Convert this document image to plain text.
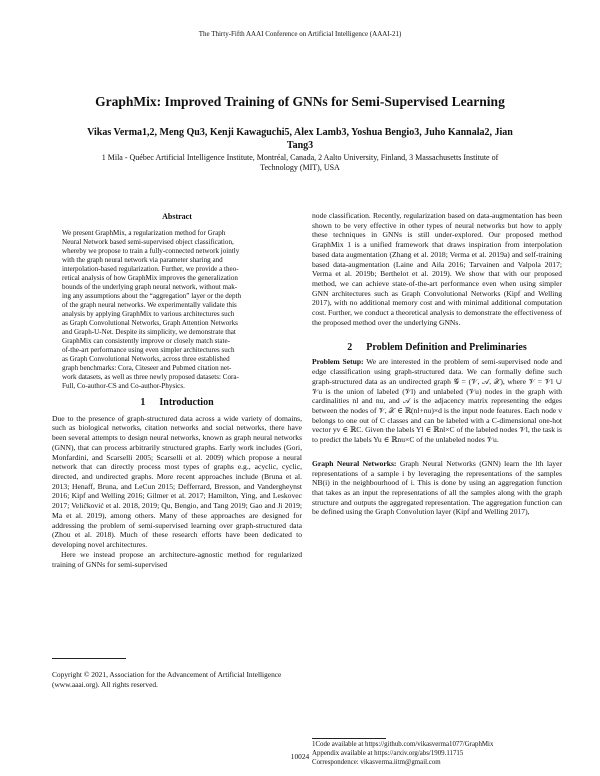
The Thirty-Fifth AAAI Conference on Artificial Intelligence (AAAI-21)
GraphMix: Improved Training of GNNs for Semi-Supervised Learning
Vikas Verma1,2, Meng Qu3, Kenji Kawaguchi5, Alex Lamb3, Yoshua Bengio3, Juho Kannala2, Jian
Tang3
1 Mila - Québec Artificial Intelligence Institute, Montréal, Canada, 2 Aalto University, Finland, 3 Massachusetts Institute of
Technology (MIT), USA
Abstract
We present GraphMix, a regularization method for Graph
Neural Network based semi-supervised object classification,
whereby we propose to train a fully-connected network jointly
with the graph neural network via parameter sharing and
interpolation-based regularization. Further, we provide a theo-
retical analysis of how GraphMix improves the generalization
bounds of the underlying graph neural network, without mak-
ing any assumptions about the “aggregation” layer or the depth
of the graph neural networks. We experimentally validate this
analysis by applying GraphMix to various architectures such
as Graph Convolutional Networks, Graph Attention Networks
and Graph-U-Net. Despite its simplicity, we demonstrate that
GraphMix can consistently improve or closely match state-
of-the-art performance using even simpler architectures such
as Graph Convolutional Networks, across three established
graph benchmarks: Cora, Citeseer and Pubmed citation net-
work datasets, as well as three newly proposed datasets: Cora-
Full, Co-author-CS and Co-author-Physics.
1 Introduction

Due to the presence of graph-structured data across a wide variety of domains, such as biological networks, citation networks and social networks, there have been several attempts to design neural networks, known as graph neural networks (GNN), that can process arbitrarily structured graphs. Early work includes (Gori, Monfardini, and Scarselli 2005; Scarselli et al. 2009) which propose a neural network that can directly process most types of graphs e.g., acyclic, cyclic, directed, and undirected graphs. More recent approaches include (Bruna et al. 2013; Henaff, Bruna, and LeCun 2015; Defferrard, Bresson, and Vandergheynst 2016; Kipf and Welling 2016; Gilmer et al. 2017; Hamilton, Ying, and Leskovec 2017; Veličković et al. 2018, 2019; Qu, Bengio, and Tang 2019; Gao and Ji 2019; Ma et al. 2019), among others. Many of these approaches are designed for addressing the problem of semi-supervised learning over graph-structured data (Zhou et al. 2018). Much of these research efforts have been dedicated to developing novel architectures.

Here we instead propose an architecture-agnostic method for regularized training of GNNs for semi-supervised

Copyright © 2021, Association for the Advancement of Artificial Intelligence (www.aaai.org). All rights reserved.

node classification. Recently, regularization based on data-augmentation has been shown to be very effective in other types of neural networks but how to apply these techniques in GNNs is still under-explored. Our proposed method GraphMix 1 is a unified framework that draws inspiration from interpolation based data augmentation (Zhang et al. 2018; Verma et al. 2019a) and self-training based data-augmentation (Laine and Aila 2016; Tarvainen and Valpola 2017; Verma et al. 2019b; Berthelot et al. 2019). We show that with our proposed method, we can achieve state-of-the-art performance even when using simpler GNN architectures such as Graph Convolutional Networks (Kipf and Welling 2017), with no additional memory cost and with minimal additional computation cost. Further, we conduct a theoretical analysis to demonstrate the effectiveness of the proposed method over the underlying GNNs.

2 Problem Definition and Preliminaries

Problem Setup: We are interested in the problem of semi-supervised node and edge classification using graph-structured data. We can formally define such graph-structured data as an undirected graph 𝒢 = (𝒱, 𝒜, 𝒳), where 𝒱 = 𝒱l ∪ 𝒱u is the union of labeled (𝒱l) and unlabeled (𝒱u) nodes in the graph with cardinalities nl and nu, and 𝒜 is the adjacency matrix representing the edges between the nodes of 𝒱, 𝒳 ∈ ℝ(nl+nu)×d is the input node features. Each node v belongs to one out of C classes and can be labeled with a C-dimensional one-hot vector yv ∈ ℝC. Given the labels Yl ∈ ℝnl×C of the labeled nodes 𝒱l, the task is to predict the labels Yu ∈ ℝnu×C of the unlabeled nodes 𝒱u.

Graph Neural Networks: Graph Neural Networks (GNN) learn the lth layer representations of a sample i by leveraging the representations of the samples NB(i) in the neighbourhood of i. This is done by using an aggregation function that takes as an input the representations of all the samples along with the graph structure and outputs the aggregated representation. The aggregation function can be defined using the Graph Convolution layer (Kipf and Welling 2017),

1Code available at https://github.com/vikasverma1077/GraphMix

Appendix available at https://arxiv.org/abs/1909.11715

Correspondence: vikasverma.iitm@gmail.com

10024
